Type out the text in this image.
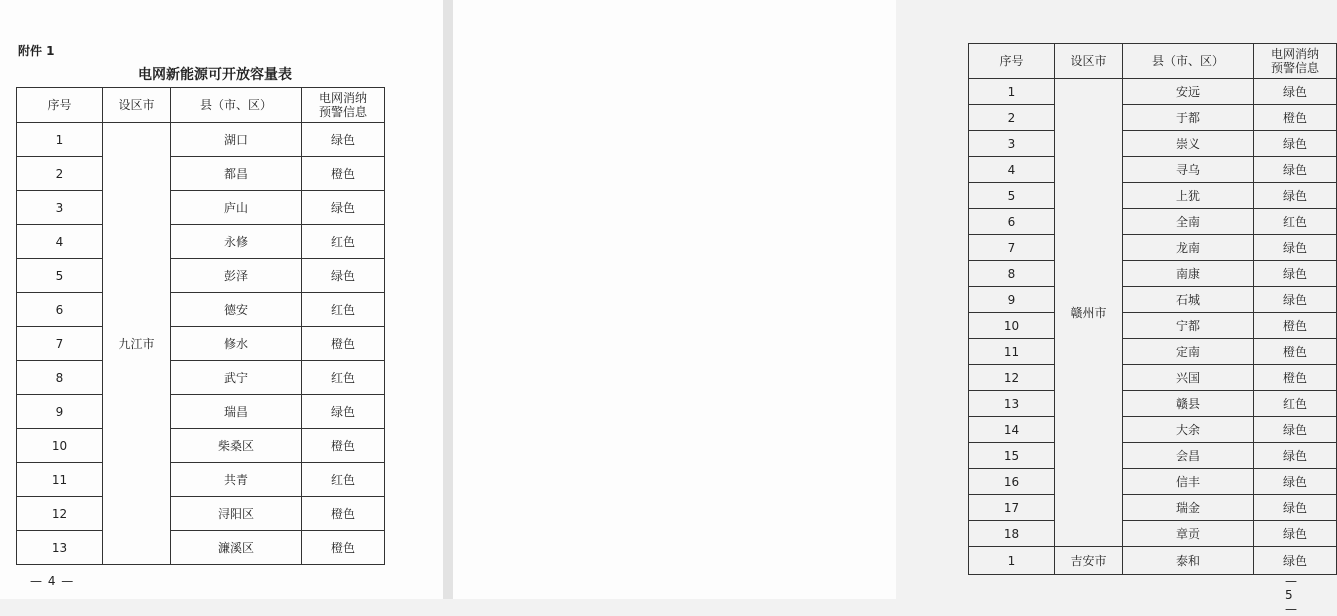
附件 1
电网新能源可开放容量表
序号	设区市	县（市、区）	电网消纳
预警信息
1	九江市	湖口	绿色
2		都昌	橙色
3		庐山	绿色
4		永修	红色
5		彭泽	绿色
6		德安	红色
7		修水	橙色
8		武宁	红色
9		瑞昌	绿色
10		柴桑区	橙色
11		共青	红色
12		浔阳区	橙色
13		濂溪区	橙色
— 4 —
序号	设区市	县（市、区）	电网消纳
预警信息
1	赣州市	安远	绿色
2		于都	橙色
3		崇义	绿色
4		寻乌	绿色
5		上犹	绿色
6		全南	红色
7		龙南	绿色
8		南康	绿色
9		石城	绿色
10		宁都	橙色
11		定南	橙色
12		兴国	橙色
13		赣县	红色
14		大余	绿色
15		会昌	绿色
16		信丰	绿色
17		瑞金	绿色
18		章贡	绿色
1	吉安市	泰和	绿色
— 5 —
